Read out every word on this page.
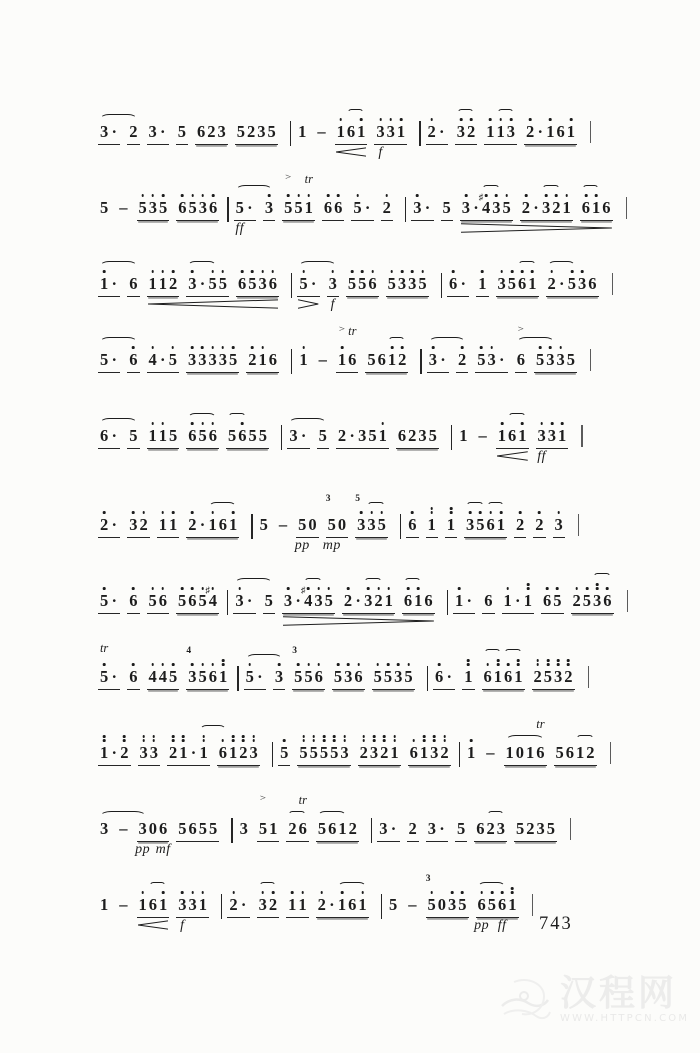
3 · 2 3 · 5 6 2 3 5 2 3 5	1 – 1 6 1 3 3 1
f
2 · 3 2 1 1 3 2 · 1 6 1
5 – 5 3 5 6 5 3 6	5 · 3 5
>
5 1
tr
6 6 5 · 2
ff
3 · 5 3 ·
♯
4 3 5 2 · 3 2 1 6 1 6
1 · 6 1 1 2 3 · 5 5 6 5 3 6	5 · 3 5 5 6 5 3 3 5
f
6 · 1 3 5 6 1 2 · 5 3 6
5 · 6 4 · 5 3 3 3 3 5 2 1 6	1 – 1
>
6
tr
5 6 1 2	3 · 2 5 3 · 6
>
5 3 3 5
6 · 5 1 1 5 6 5 6 5 6 5 5	3 · 5 2 · 3 5 1 6 2 3 5	1 – 1 6 1 3 3 1
ff
2 · 3 2 1 1 2 · 1 6 1	5 – 5 0 5
3
0 3
5
3 5
pp mp
6 1 1 3 5 6 1 2 2 3
5 · 6 5 6 5 6 5
♯
4	3 · 5 3 ·
♯
4 3 5 2 · 3 2 1 6 1 6	1 · 6 1 · 1 6 5 2 5 3 6
5
tr
· 6 4 4 5 3
4
5 6 1	5 · 3 5
3
5 6 5 3 6 5 5 3 5	6 · 1 6 1 6 1 2 5 3 2
1 · 2 3 3 2 1 · 1 6 1 2 3	5 5 5 5 5 3 2 3 2 1 6 1 3 2	1 – 1 0 1 6
tr
5 6 1 2
3 – 3 0 6 5 6 5 5
pp mf
3 5
>
1 2 6
tr
5 6 1 2	3 · 2 3 · 5 6 2 3 5 2 3 5
1 – 1 6 1 3 3 1
f
2 · 3 2 1 1 2 · 1 6 1	5 – 5
3
0 3 5 6 5 6 1
pp ff 743
汉程网
WWW.HTTPCN.COM
